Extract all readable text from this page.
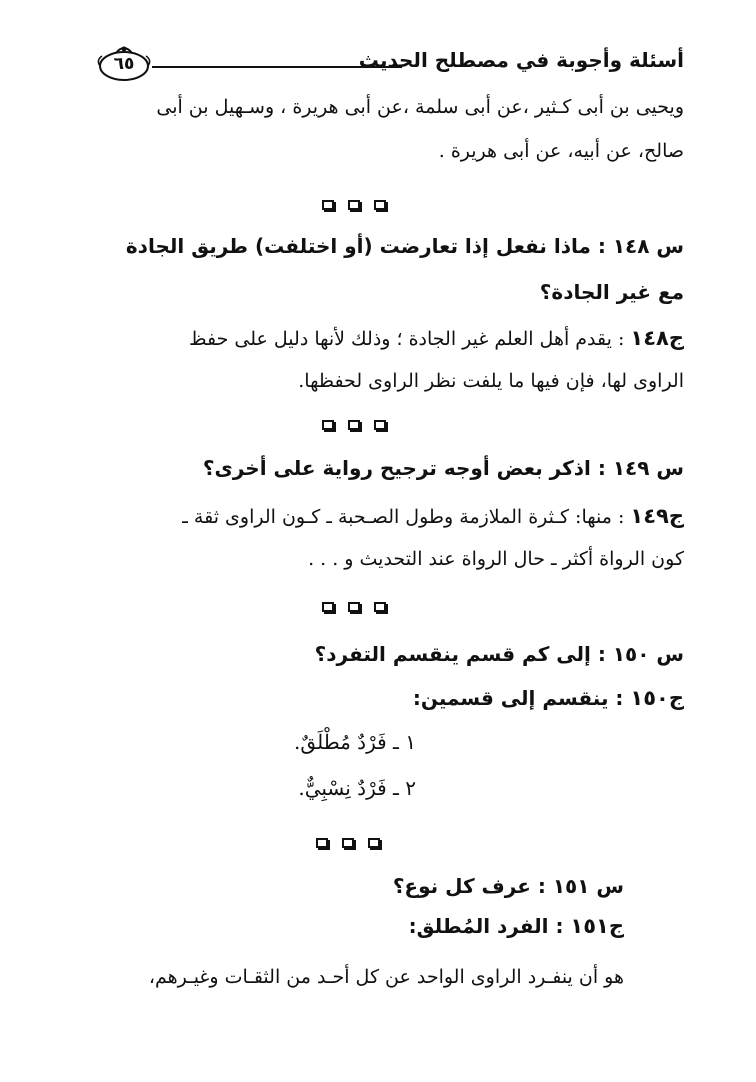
أسئلة وأجوبة في مصطلح الحديث
٦٥
ويحيى بن أبى كـثير ،عن أبى سلمة ،عن أبى هريرة ، وسـهيل بن أبى
صالح، عن أبيه، عن أبى هريرة .
س ١٤٨ : ماذا نفعل إذا تعارضت (أو اختلفت) طريق الجادة
مع غير الجادة؟
ج١٤٨ : يقدم أهل العلم غير الجادة ؛ وذلك لأنها دليل على حفظ
الراوى لها، فإن فيها ما يلفت نظر الراوى لحفظها.
س ١٤٩ : اذكر بعض أوجه ترجيح رواية على أخرى؟
ج١٤٩ : منها: كـثرة الملازمة وطول الصـحبة ـ كـون الراوى ثقة ـ
كون الرواة أكثر ـ حال الرواة عند التحديث و . . .
س ١٥٠ : إلى كم قسم ينقسم التفرد؟
ج١٥٠ : ينقسم إلى قسمين:
١ ـ فَرْدٌ مُطْلَقٌ.
٢ ـ فَرْدٌ نِسْبِيٌّ.
س ١٥١ : عرف كل نوع؟
ج١٥١ : الفرد المُطلق:
هو أن ينفـرد الراوى الواحد عن كل أحـد من الثقـات وغيـرهم،
